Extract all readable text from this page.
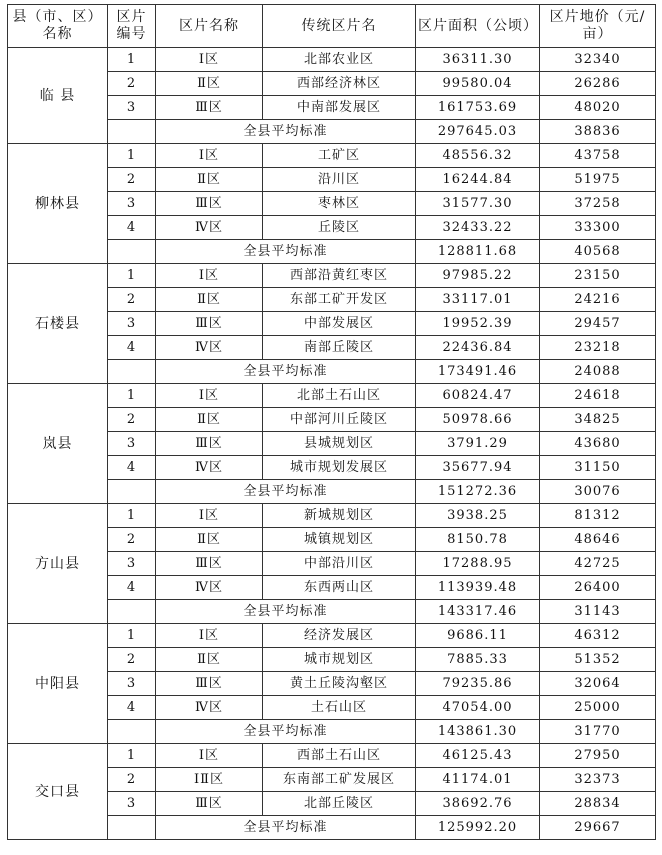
县（市、区）名称	区片编号	区片名称	传统区片名	区片面积（公顷）	区片地价（元/亩）
临 县	1	Ⅰ区	北部农业区	36311.30	32340
	2	Ⅱ区	西部经济林区	99580.04	26286
	3	Ⅲ区	中南部发展区	161753.69	48020
		全县平均标准		297645.03	38836
柳林县	1	Ⅰ区	工矿区	48556.32	43758
	2	Ⅱ区	沿川区	16244.84	51975
	3	Ⅲ区	枣林区	31577.30	37258
	4	Ⅳ区	丘陵区	32433.22	33300
		全县平均标准		128811.68	40568
石楼县	1	Ⅰ区	西部沿黄红枣区	97985.22	23150
	2	Ⅱ区	东部工矿开发区	33117.01	24216
	3	Ⅲ区	中部发展区	19952.39	29457
	4	Ⅳ区	南部丘陵区	22436.84	23218
		全县平均标准		173491.46	24088
岚县	1	Ⅰ区	北部土石山区	60824.47	24618
	2	Ⅱ区	中部河川丘陵区	50978.66	34825
	3	Ⅲ区	县城规划区	3791.29	43680
	4	Ⅳ区	城市规划发展区	35677.94	31150
		全县平均标准		151272.36	30076
方山县	1	Ⅰ区	新城规划区	3938.25	81312
	2	Ⅱ区	城镇规划区	8150.78	48646
	3	Ⅲ区	中部沿川区	17288.95	42725
	4	Ⅳ区	东西两山区	113939.48	26400
		全县平均标准		143317.46	31143
中阳县	1	Ⅰ区	经济发展区	9686.11	46312
	2	Ⅱ区	城市规划区	7885.33	51352
	3	Ⅲ区	黄土丘陵沟壑区	79235.86	32064
	4	Ⅳ区	土石山区	47054.00	25000
		全县平均标准		143861.30	31770
交口县	1	Ⅰ区	西部土石山区	46125.43	27950
	2	ⅠⅡ区	东南部工矿发展区	41174.01	32373
	3	Ⅲ区	北部丘陵区	38692.76	28834
		全县平均标准		125992.20	29667
